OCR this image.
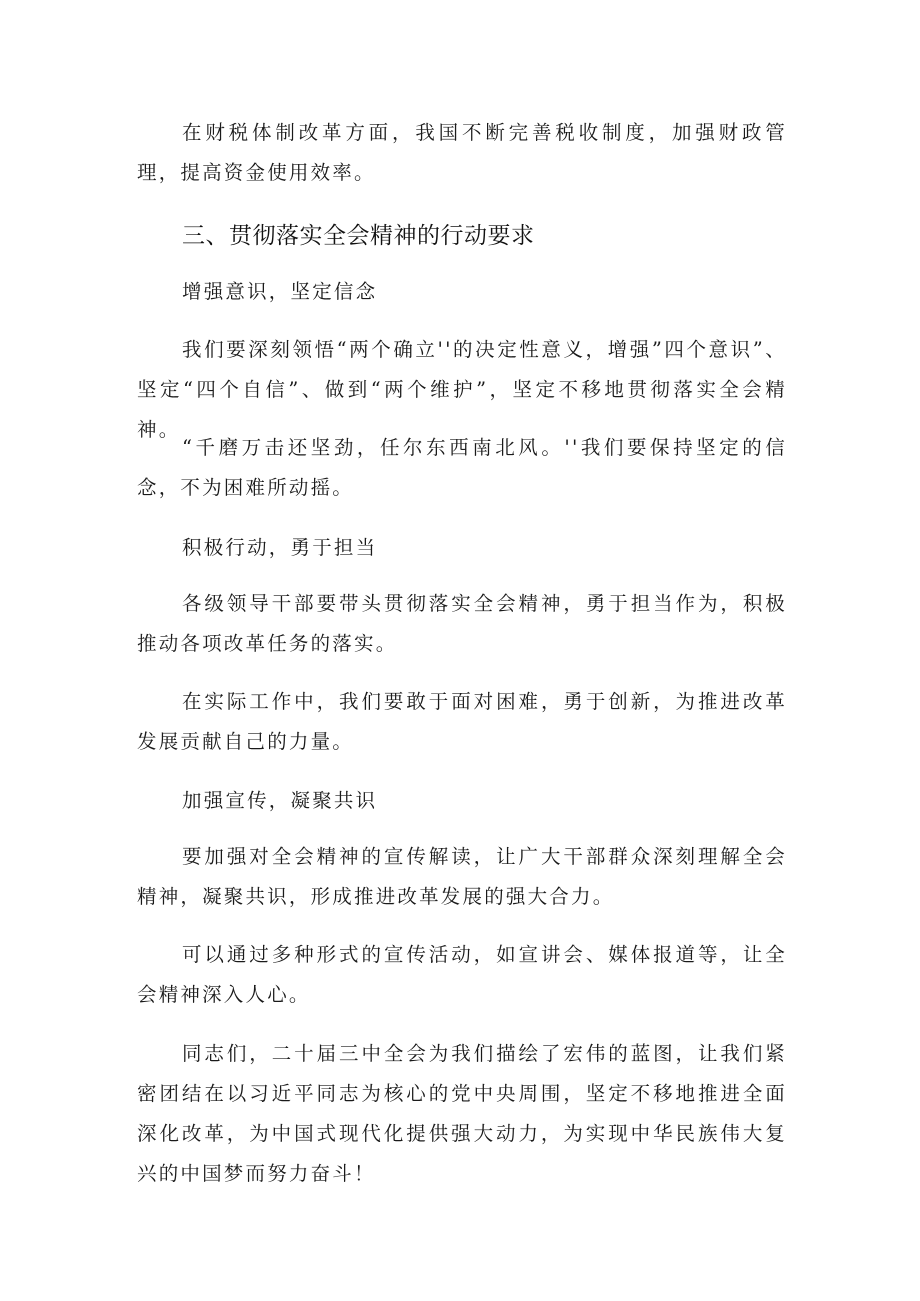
在财税体制改革方面，我国不断完善税收制度，加强财政管理，提高资金使用效率。

三、贯彻落实全会精神的行动要求

增强意识，坚定信念

我们要深刻领悟“两个确立''的决定性意义，增强”四个意识”、坚定“四个自信”、做到“两个维护”，坚定不移地贯彻落实全会精神。

“千磨万击还坚劲，任尔东西南北风。''我们要保持坚定的信念，不为困难所动摇。

积极行动，勇于担当

各级领导干部要带头贯彻落实全会精神，勇于担当作为，积极推动各项改革任务的落实。

在实际工作中，我们要敢于面对困难，勇于创新，为推进改革发展贡献自己的力量。

加强宣传，凝聚共识

要加强对全会精神的宣传解读，让广大干部群众深刻理解全会精神，凝聚共识，形成推进改革发展的强大合力。

可以通过多种形式的宣传活动，如宣讲会、媒体报道等，让全会精神深入人心。

同志们，二十届三中全会为我们描绘了宏伟的蓝图，让我们紧密团结在以习近平同志为核心的党中央周围，坚定不移地推进全面深化改革，为中国式现代化提供强大动力，为实现中华民族伟大复兴的中国梦而努力奋斗！
